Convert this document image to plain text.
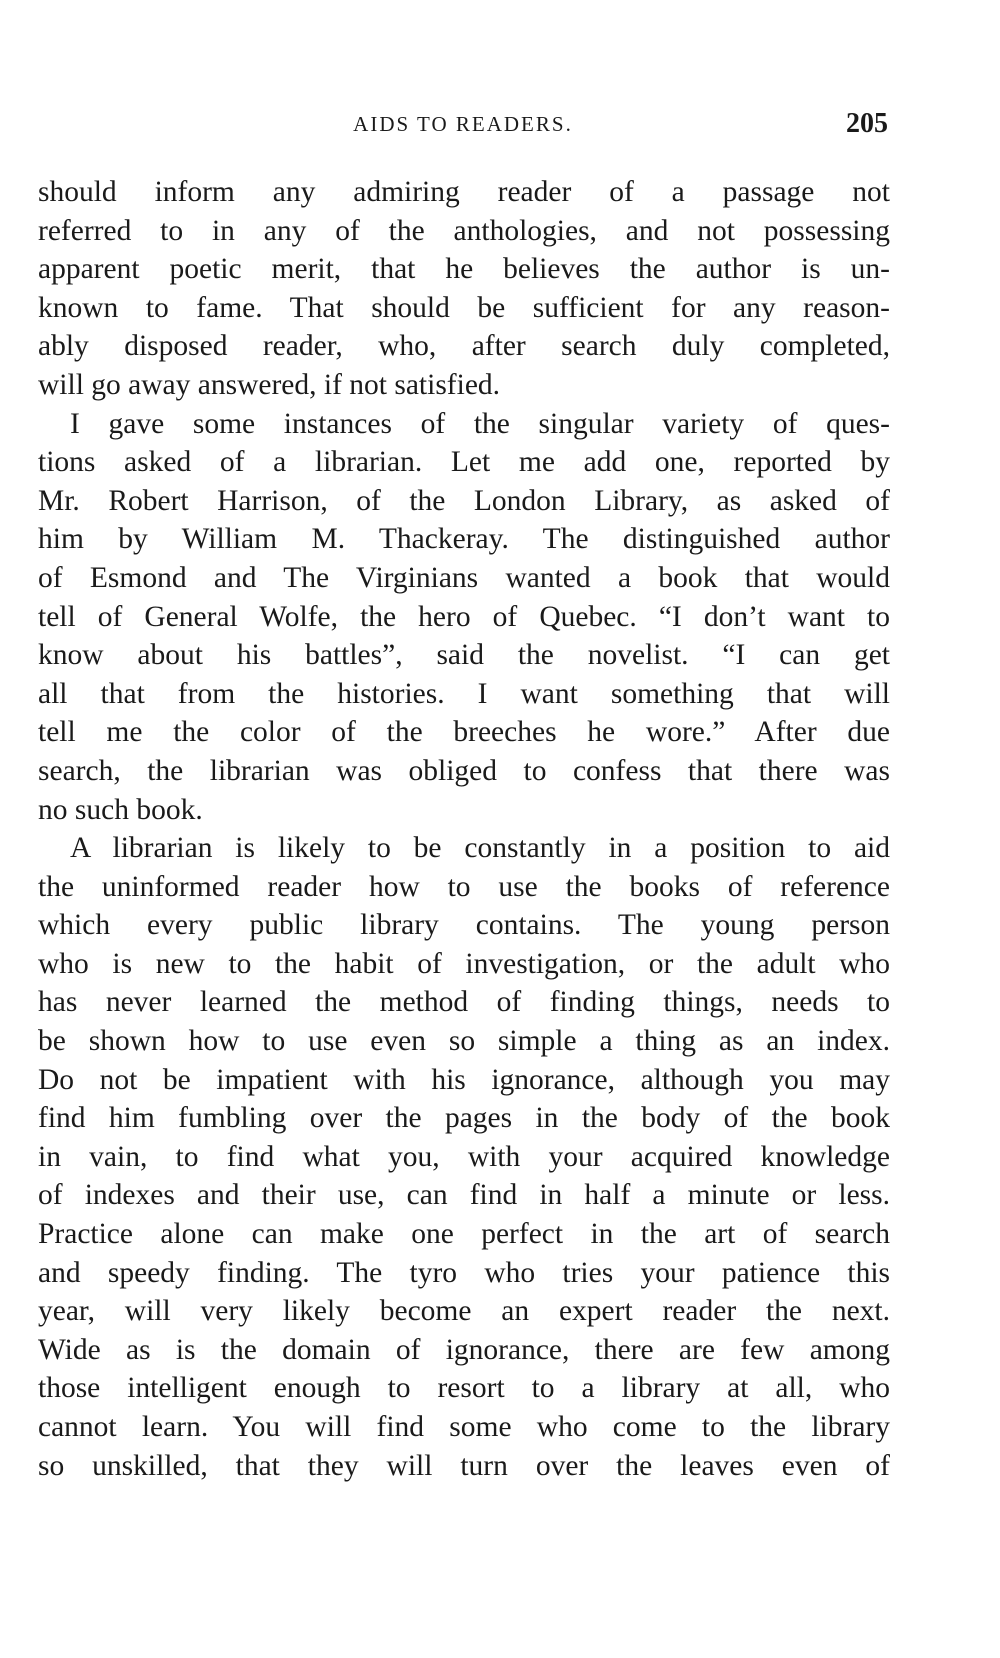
AIDS TO READERS.	205
should inform any admiring reader of a passage not
referred to in any of the anthologies, and not possessing
apparent poetic merit, that he believes the author is un-
known to fame. That should be sufficient for any reason-
ably disposed reader, who, after search duly completed,
will go away answered, if not satisfied.
I gave some instances of the singular variety of ques-
tions asked of a librarian. Let me add one, reported by
Mr. Robert Harrison, of the London Library, as asked of
him by William M. Thackeray. The distinguished author
of Esmond and The Virginians wanted a book that would
tell of General Wolfe, the hero of Quebec. “I don’t want to
know about his battles”, said the novelist. “I can get
all that from the histories. I want something that will
tell me the color of the breeches he wore.” After due
search, the librarian was obliged to confess that there was
no such book.
A librarian is likely to be constantly in a position to aid
the uninformed reader how to use the books of reference
which every public library contains. The young person
who is new to the habit of investigation, or the adult who
has never learned the method of finding things, needs to
be shown how to use even so simple a thing as an index.
Do not be impatient with his ignorance, although you may
find him fumbling over the pages in the body of the book
in vain, to find what you, with your acquired knowledge
of indexes and their use, can find in half a minute or less.
Practice alone can make one perfect in the art of search
and speedy finding. The tyro who tries your patience this
year, will very likely become an expert reader the next.
Wide as is the domain of ignorance, there are few among
those intelligent enough to resort to a library at all, who
cannot learn. You will find some who come to the library
so unskilled, that they will turn over the leaves even of
